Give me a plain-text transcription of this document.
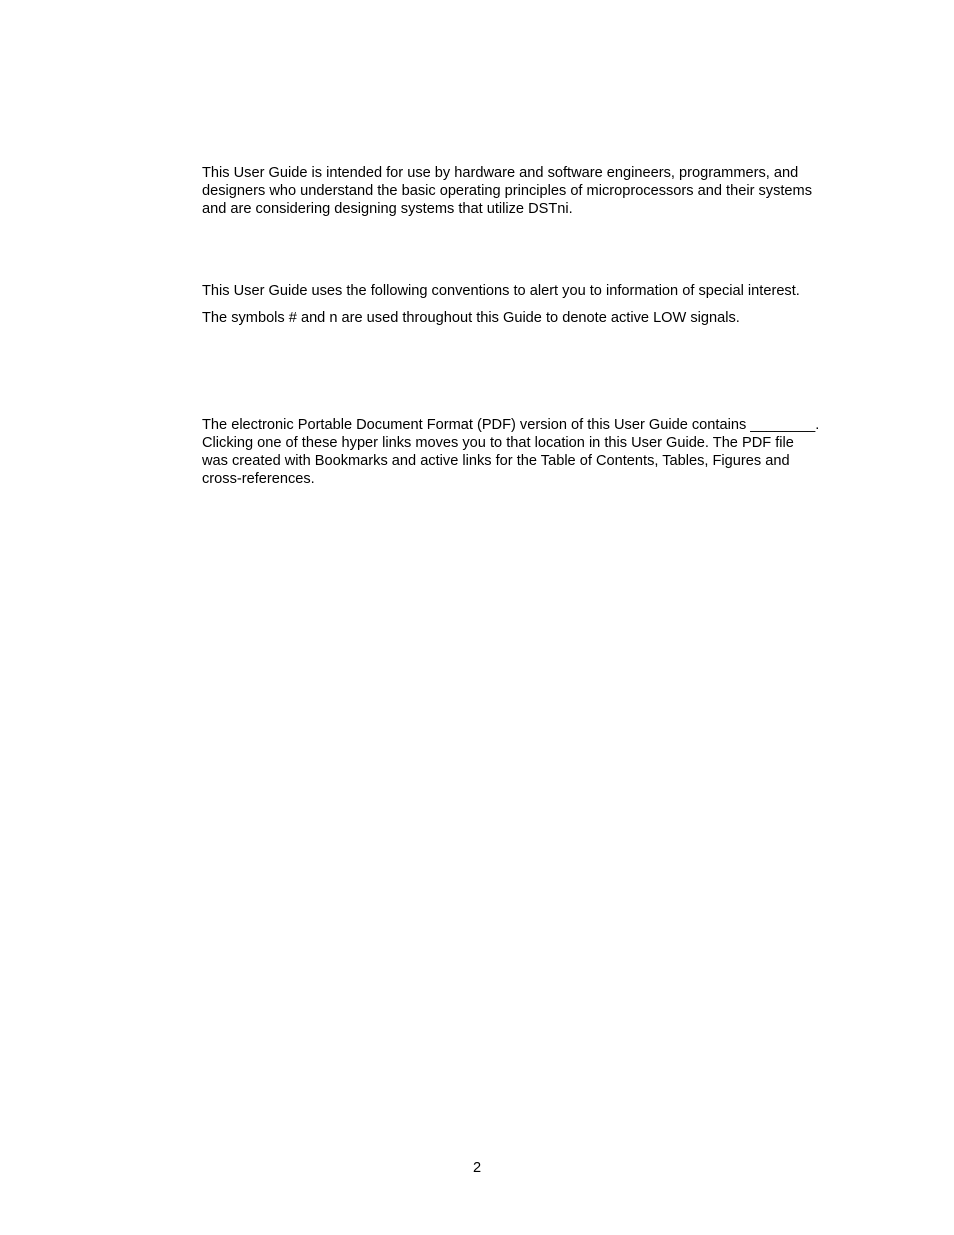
This User Guide is intended for use by hardware and software engineers, programmers, and
designers who understand the basic operating principles of microprocessors and their systems
and are considering designing systems that utilize DSTni.

This User Guide uses the following conventions to alert you to information of special interest.

The symbols # and n are used throughout this Guide to denote active LOW signals.

The electronic Portable Document Format (PDF) version of this User Guide contains ________.
Clicking one of these hyper links moves you to that location in this User Guide. The PDF file
was created with Bookmarks and active links for the Table of Contents, Tables, Figures and
cross-references.

2
